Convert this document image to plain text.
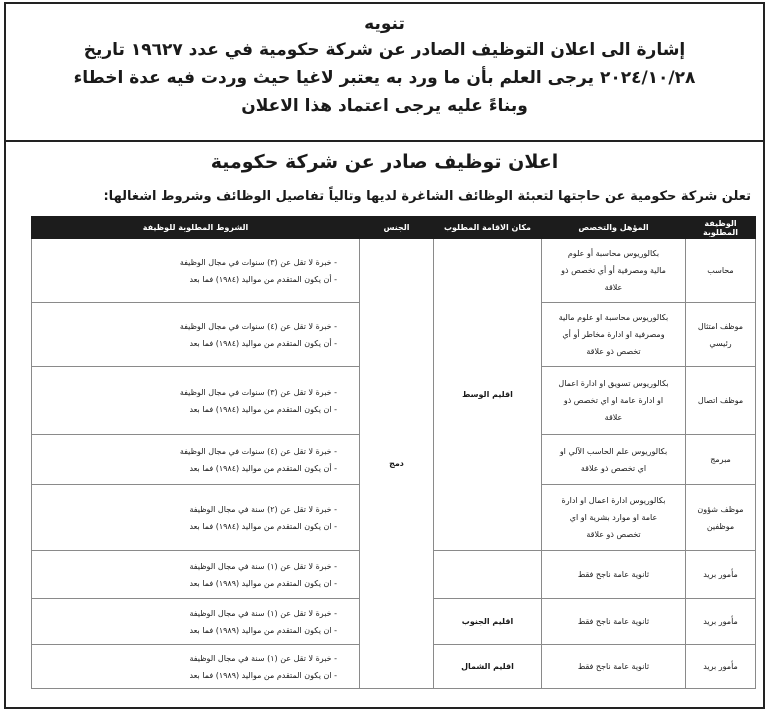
تنويه
إشارة الى اعلان التوظيف الصادر عن شركة حكومية في عدد ١٩٦٢٧ تاريخ
٢٠٢٤/١٠/٢٨ يرجى العلم بأن ما ورد به يعتبر لاغيا حيث وردت فيه عدة اخطاء
وبناءً عليه يرجى اعتماد هذا الاعلان
اعلان توظيف صادر عن شركة حكومية
تعلن شركة حكومية عن حاجتها لتعبئة الوظائف الشاغرة لديها وتالياً تفاصيل الوظائف وشروط اشغالها:
الوظيفة المطلوبة	المؤهل والتخصص	مكان الاقامة المطلوب	الجنس	الشروط المطلوبة للوظيفة
محاسب	بكالوريوس محاسبة أو علوم
مالية ومصرفية أو أي تخصص ذو
علاقة	اقليم الوسط	دمج	- خبرة لا تقل عن (٣) سنوات في مجال الوظيفة
- أن يكون المتقدم من مواليد (١٩٨٤) فما بعد

موظف امتثال
رئيسي	بكالوريوس محاسبة او علوم مالية
ومصرفية او ادارة مخاطر أو أي
تخصص ذو علاقة			- خبرة لا تقل عن (٤) سنوات في مجال الوظيفة
- أن يكون المتقدم من مواليد (١٩٨٤) فما بعد

موظف اتصال	بكالوريوس تسويق او ادارة اعمال
او ادارة عامة او اي تخصص ذو
علاقة			- خبرة لا تقل عن (٣) سنوات في مجال الوظيفة
- ان يكون المتقدم من مواليد (١٩٨٤) فما بعد

مبرمج	بكالوريوس علم الحاسب الآلي او
اي تخصص ذو علاقة			- خبرة لا تقل عن (٤) سنوات في مجال الوظيفة
- أن يكون المتقدم من مواليد (١٩٨٤) فما بعد

موظف شؤون
موظفين	بكالوريوس ادارة اعمال او ادارة
عامة او موارد بشرية او اي
تخصص ذو علاقة			- خبرة لا تقل عن (٢) سنة في مجال الوظيفة
- ان يكون المتقدم من مواليد (١٩٨٤) فما بعد

مأمور بريد	ثانوية عامة ناجح فقط			- خبرة لا تقل عن (١) سنة في مجال الوظيفة
- ان يكون المتقدم من مواليد (١٩٨٩) فما بعد

مأمور بريد	ثانوية عامة ناجح فقط	اقليم الجنوب		- خبرة لا تقل عن (١) سنة في مجال الوظيفة
- ان يكون المتقدم من مواليد (١٩٨٩) فما بعد

مأمور بريد	ثانوية عامة ناجح فقط	اقليم الشمال		- خبرة لا تقل عن (١) سنة في مجال الوظيفة
- ان يكون المتقدم من مواليد (١٩٨٩) فما بعد
